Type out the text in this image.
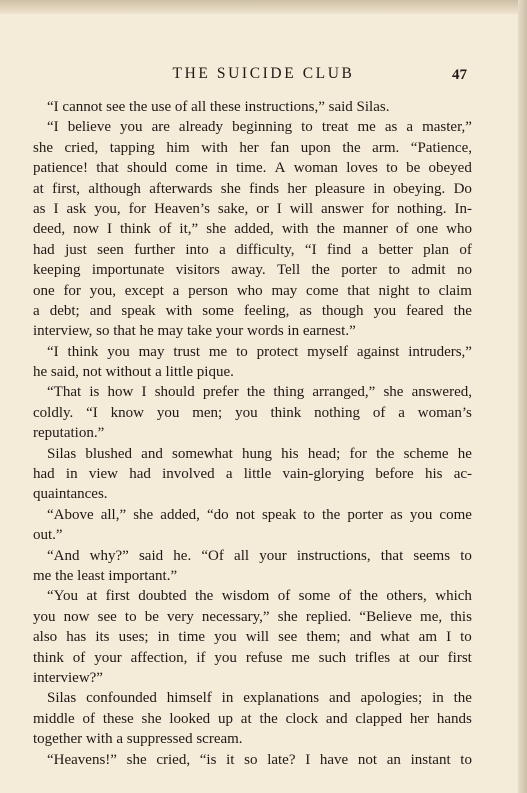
THE SUICIDE CLUB	47
“I cannot see the use of all these instructions,” said Silas.
“I believe you are already beginning to treat me as a master,”
she cried, tapping him with her fan upon the arm. “Patience,
patience! that should come in time. A woman loves to be obeyed
at first, although afterwards she finds her pleasure in obeying. Do
as I ask you, for Heaven’s sake, or I will answer for nothing. In-
deed, now I think of it,” she added, with the manner of one who
had just seen further into a difficulty, “I find a better plan of
keeping importunate visitors away. Tell the porter to admit no
one for you, except a person who may come that night to claim
a debt; and speak with some feeling, as though you feared the
interview, so that he may take your words in earnest.”
“I think you may trust me to protect myself against intruders,”
he said, not without a little pique.
“That is how I should prefer the thing arranged,” she answered,
coldly. “I know you men; you think nothing of a woman’s
reputation.”
Silas blushed and somewhat hung his head; for the scheme he
had in view had involved a little vain-glorying before his ac-
quaintances.
“Above all,” she added, “do not speak to the porter as you come
out.”
“And why?” said he. “Of all your instructions, that seems to
me the least important.”
“You at first doubted the wisdom of some of the others, which
you now see to be very necessary,” she replied. “Believe me, this
also has its uses; in time you will see them; and what am I to
think of your affection, if you refuse me such trifles at our first
interview?”
Silas confounded himself in explanations and apologies; in the
middle of these she looked up at the clock and clapped her hands
together with a suppressed scream.
“Heavens!” she cried, “is it so late? I have not an instant to
